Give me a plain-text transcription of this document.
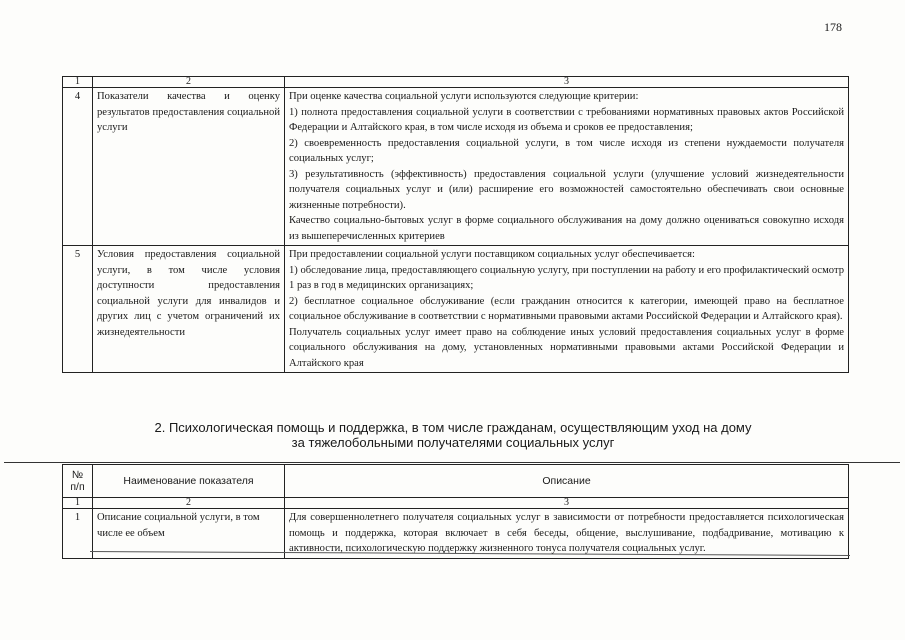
178
1	2	3
4	Показатели качества и оценку результатов предоставления социальной услуги	При оценке качества социальной услуги используются следующие критерии:

1) полнота предоставления социальной услуги в соответствии с требованиями нормативных правовых актов Российской Федерации и Алтайского края, в том числе исходя из объема и сроков ее предоставления;

2) своевременность предоставления социальной услуги, в том числе исходя из степени нуждаемости получателя социальных услуг;

3) результативность (эффективность) предоставления социальной услуги (улучшение условий жизнедеятельности получателя социальных услуг и (или) расширение его возможностей самостоятельно обеспечивать свои основные жизненные потребности).

Качество социально-бытовых услуг в форме социального обслуживания на дому должно оцениваться совокупно исходя из вышеперечисленных критериев

5	Условия предоставления социальной услуги, в том числе условия доступности предоставления социальной услуги для инвалидов и других лиц с учетом ограничений их жизнедеятельности	При предоставлении социальной услуги поставщиком социальных услуг обеспечивается:

1) обследование лица, предоставляющего социальную услугу, при поступлении на работу и его профилактический осмотр 1 раз в год в медицинских организациях;

2) бесплатное социальное обслуживание (если гражданин относится к категории, имеющей право на бесплатное социальное обслуживание в соответствии с нормативными правовыми актами Российской Федерации и Алтайского края).

Получатель социальных услуг имеет право на соблюдение иных условий предоставления социальных услуг в форме социального обслуживания на дому, установленных нормативными правовыми актами Российской Федерации и Алтайского края

2. Психологическая помощь и поддержка, в том числе гражданам, осуществляющим уход на дому
за тяжелобольными получателями социальных услуг
№ п/п	Наименование показателя	Описание
1	2	3
1	Описание социальной услуги, в том числе ее объем	Для совершеннолетнего получателя социальных услуг в зависимости от потребности предоставляется психологическая помощь и поддержка, которая включает в себя беседы, общение, выслушивание, подбадривание, мотивацию к активности, психологическую поддержку жизненного тонуса получателя социальных услуг.
